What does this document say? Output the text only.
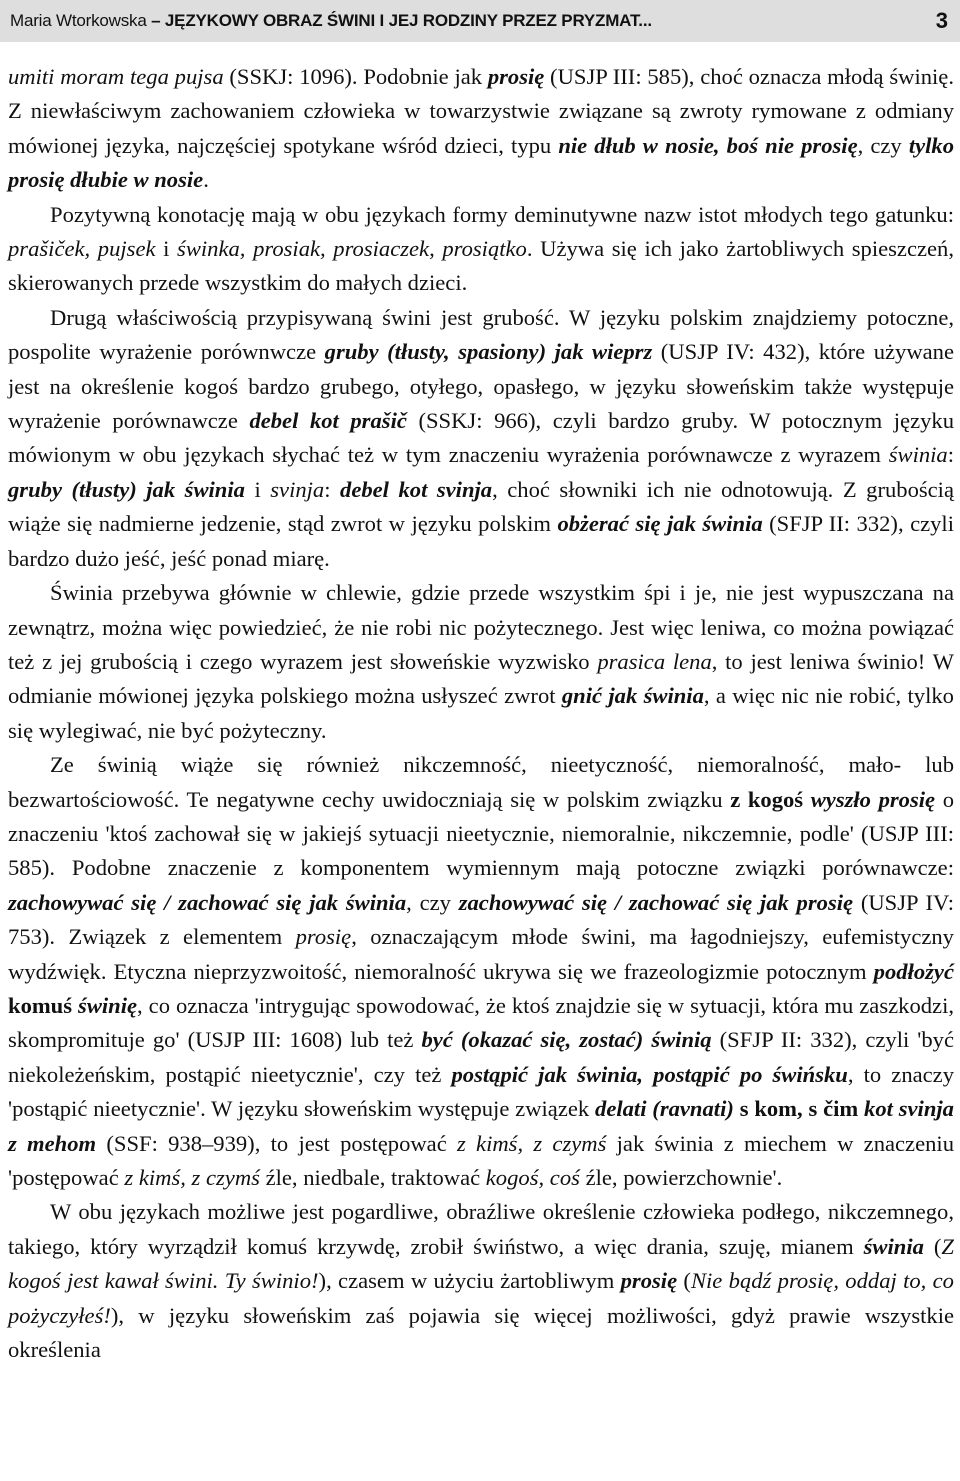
Maria Wtorkowska – JĘZYKOWY OBRAZ ŚWINI I JEJ RODZINY PRZEZ PRYZMAT...	3

umiti moram tega pujsa (SSKJ: 1096). Podobnie jak prosię (USJP III: 585), choć oznacza młodą świnię. Z niewłaściwym zachowaniem człowieka w towarzystwie związane są zwroty rymowane z odmiany mówionej języka, najczęściej spotykane wśród dzieci, typu nie dłub w nosie, boś nie prosię, czy tylko prosię dłubie w nosie.

Pozytywną konotację mają w obu językach formy deminutywne nazw istot młodych tego gatunku: prašiček, pujsek i świnka, prosiak, prosiaczek, prosiątko. Używa się ich jako żartobliwych spieszczeń, skierowanych przede wszystkim do małych dzieci.

Drugą właściwością przypisywaną świni jest grubość. W języku polskim znajdziemy potoczne, pospolite wyrażenie porównwcze gruby (tłusty, spasiony) jak wieprz (USJP IV: 432), które używane jest na określenie kogoś bardzo grubego, otyłego, opasłego, w języku słoweńskim także występuje wyrażenie porównawcze debel kot prašič (SSKJ: 966), czyli bardzo gruby. W potocznym języku mówionym w obu językach słychać też w tym znaczeniu wyrażenia porównawcze z wyrazem świnia: gruby (tłusty) jak świnia i svinja: debel kot svinja, choć słowniki ich nie odnotowują. Z grubością wiąże się nadmierne jedzenie, stąd zwrot w języku polskim obżerać się jak świnia (SFJP II: 332), czyli bardzo dużo jeść, jeść ponad miarę.

Świnia przebywa głównie w chlewie, gdzie przede wszystkim śpi i je, nie jest wypuszczana na zewnątrz, można więc powiedzieć, że nie robi nic pożytecznego. Jest więc leniwa, co można powiązać też z jej grubością i czego wyrazem jest słoweńskie wyzwisko prasica lena, to jest leniwa świnio! W odmianie mówionej języka polskiego można usłyszeć zwrot gnić jak świnia, a więc nic nie robić, tylko się wylegiwać, nie być pożyteczny.

Ze świnią wiąże się również nikczemność, nieetyczność, niemoralność, mało- lub bezwartościowość. Te negatywne cechy uwidoczniają się w polskim związku z kogoś wyszło prosię o znaczeniu 'ktoś zachował się w jakiejś sytuacji nieetycznie, niemoralnie, nikczemnie, podle' (USJP III: 585). Podobne znaczenie z komponentem wymiennym mają potoczne związki porównawcze: zachowywać się / zachować się jak świnia, czy zachowywać się / zachować się jak prosię (USJP IV: 753). Związek z elementem prosię, oznaczającym młode świni, ma łagodniejszy, eufemistyczny wydźwięk. Etyczna nieprzyzwoitość, niemoralność ukrywa się we frazeologizmie potocznym podłożyć komuś świnię, co oznacza 'intrygując spowodować, że ktoś znajdzie się w sytuacji, która mu zaszkodzi, skompromituje go' (USJP III: 1608) lub też być (okazać się, zostać) świnią (SFJP II: 332), czyli 'być niekoleżeńskim, postąpić nieetycznie', czy też postąpić jak świnia, postąpić po świńsku, to znaczy 'postąpić nieetycznie'. W języku słoweńskim występuje związek delati (ravnati) s kom, s čim kot svinja z mehom (SSF: 938–939), to jest postępować z kimś, z czymś jak świnia z miechem w znaczeniu 'postępować z kimś, z czymś źle, niedbale, traktować kogoś, coś źle, powierzchownie'.

W obu językach możliwe jest pogardliwe, obraźliwe określenie człowieka podłego, nikczemnego, takiego, który wyrządził komuś krzywdę, zrobił świństwo, a więc drania, szuję, mianem świnia (Z kogoś jest kawał świni. Ty świnio!), czasem w użyciu żartobliwym prosię (Nie bądź prosię, oddaj to, co pożyczyłeś!), w języku słoweńskim zaś pojawia się więcej możliwości, gdyż prawie wszystkie określenia
